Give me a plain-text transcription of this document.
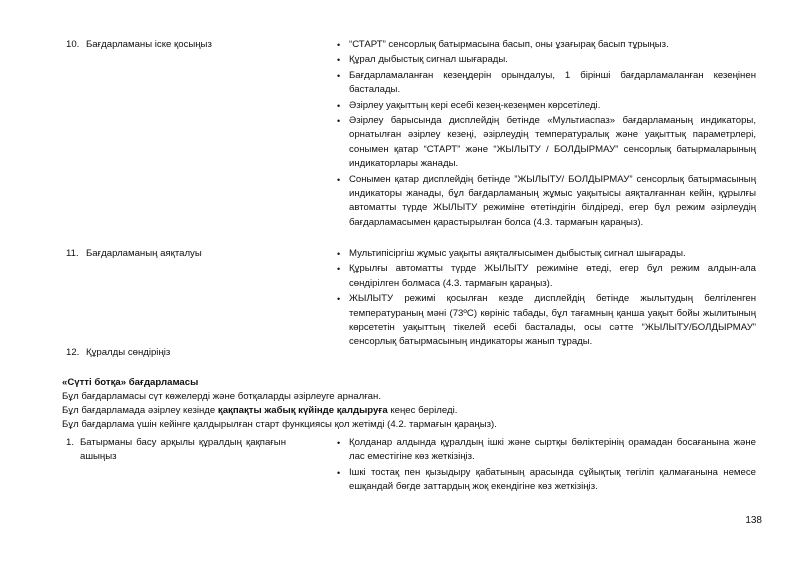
10. Бағдарламаны іске қосыңыз	• “СТАРТ” сенсорлық батырмасына басып, оны ұзағырақ басып тұрыңыз.
• Құрал дыбыстық сигнал шығарады.
• Бағдарламаланған кезеңдерін орындалуы, 1 бірінші бағдарламаланған кезеңінен басталады.
• Әзірлеу уақыттың кері есебі кезең-кезеңмен көрсетіледі.
• Әзірлеу барысында дисплейдің бетінде «Мультиаспаз» бағдарламаның индикаторы, орнатылған әзірлеу кезеңі, әзірлеудің температуралық және уақыттық параметрлері, сонымен қатар “СТАРТ” және “ЖЫЛЫТУ / БОЛДЫРМАУ” сенсорлық батырмаларының индикаторлары жанады.
• Сонымен қатар дисплейдің бетінде ”ЖЫЛЫТУ/ БОЛДЫРМАУ” сенсорлық батырмасының индикаторы жанады, бұл бағдарламаның жұмыс уақытысы аяқталғаннан кейін, құрылғы автоматты түрде ЖЫЛЫТУ режиміне өтетіндігін білдіреді, егер бұл режим әзірлеудің бағдарламасымен қарастырылған болса (4.3. тармағын қараңыз).
11. Бағдарламаның аяқталуы	• Мультипісіргіш жұмыс уақыты аяқталғысымен дыбыстық сигнал шығарады.
• Құрылғы автоматты түрде ЖЫЛЫТУ режиміне өтеді, егер бұл режим алдын-ала сөндірілген болмаса (4.3. тармағын қараңыз).
• ЖЫЛЫТУ режимі қосылған кезде дисплейдің бетінде жылытудың белгіленген температураның мәні (73ºС) көрініс табады, бұл тағамның қанша уақыт бойы жылитының көрсететін уақыттың тікелей есебі басталады, осы сәтте “ЖЫЛЫТУ/БОЛДЫРМАУ” сенсорлық батырмасының индикаторы жанып тұрады.
12. Құралды сөндіріңіз
«Сүтті ботқа» бағдарламасы
Бұл бағдарламасы сүт көжелерді және ботқаларды әзірлеуге арналған.
Бұл бағдарламада әзірлеу кезінде қақпақты жабық күйінде қалдыруға кеңес беріледі.
Бұл бағдарлама үшін кейінге қалдырылған старт функциясы қол жетімді (4.2. тармағын қараңыз).
1. Батырманы басу арқылы құралдың қақпағын ашыңыз
• Қолданар алдында құралдың ішкі және сыртқы бөліктерінің орамадан босағанына және лас еместігіне көз жеткізіңіз.
• Ішкі тостақ пен қызыдыру қабатының арасында сұйықтық төгіліп қалмағанына немесе ешқандай бөгде заттардың жоқ екендігіне көз жеткізіңіз.
138
